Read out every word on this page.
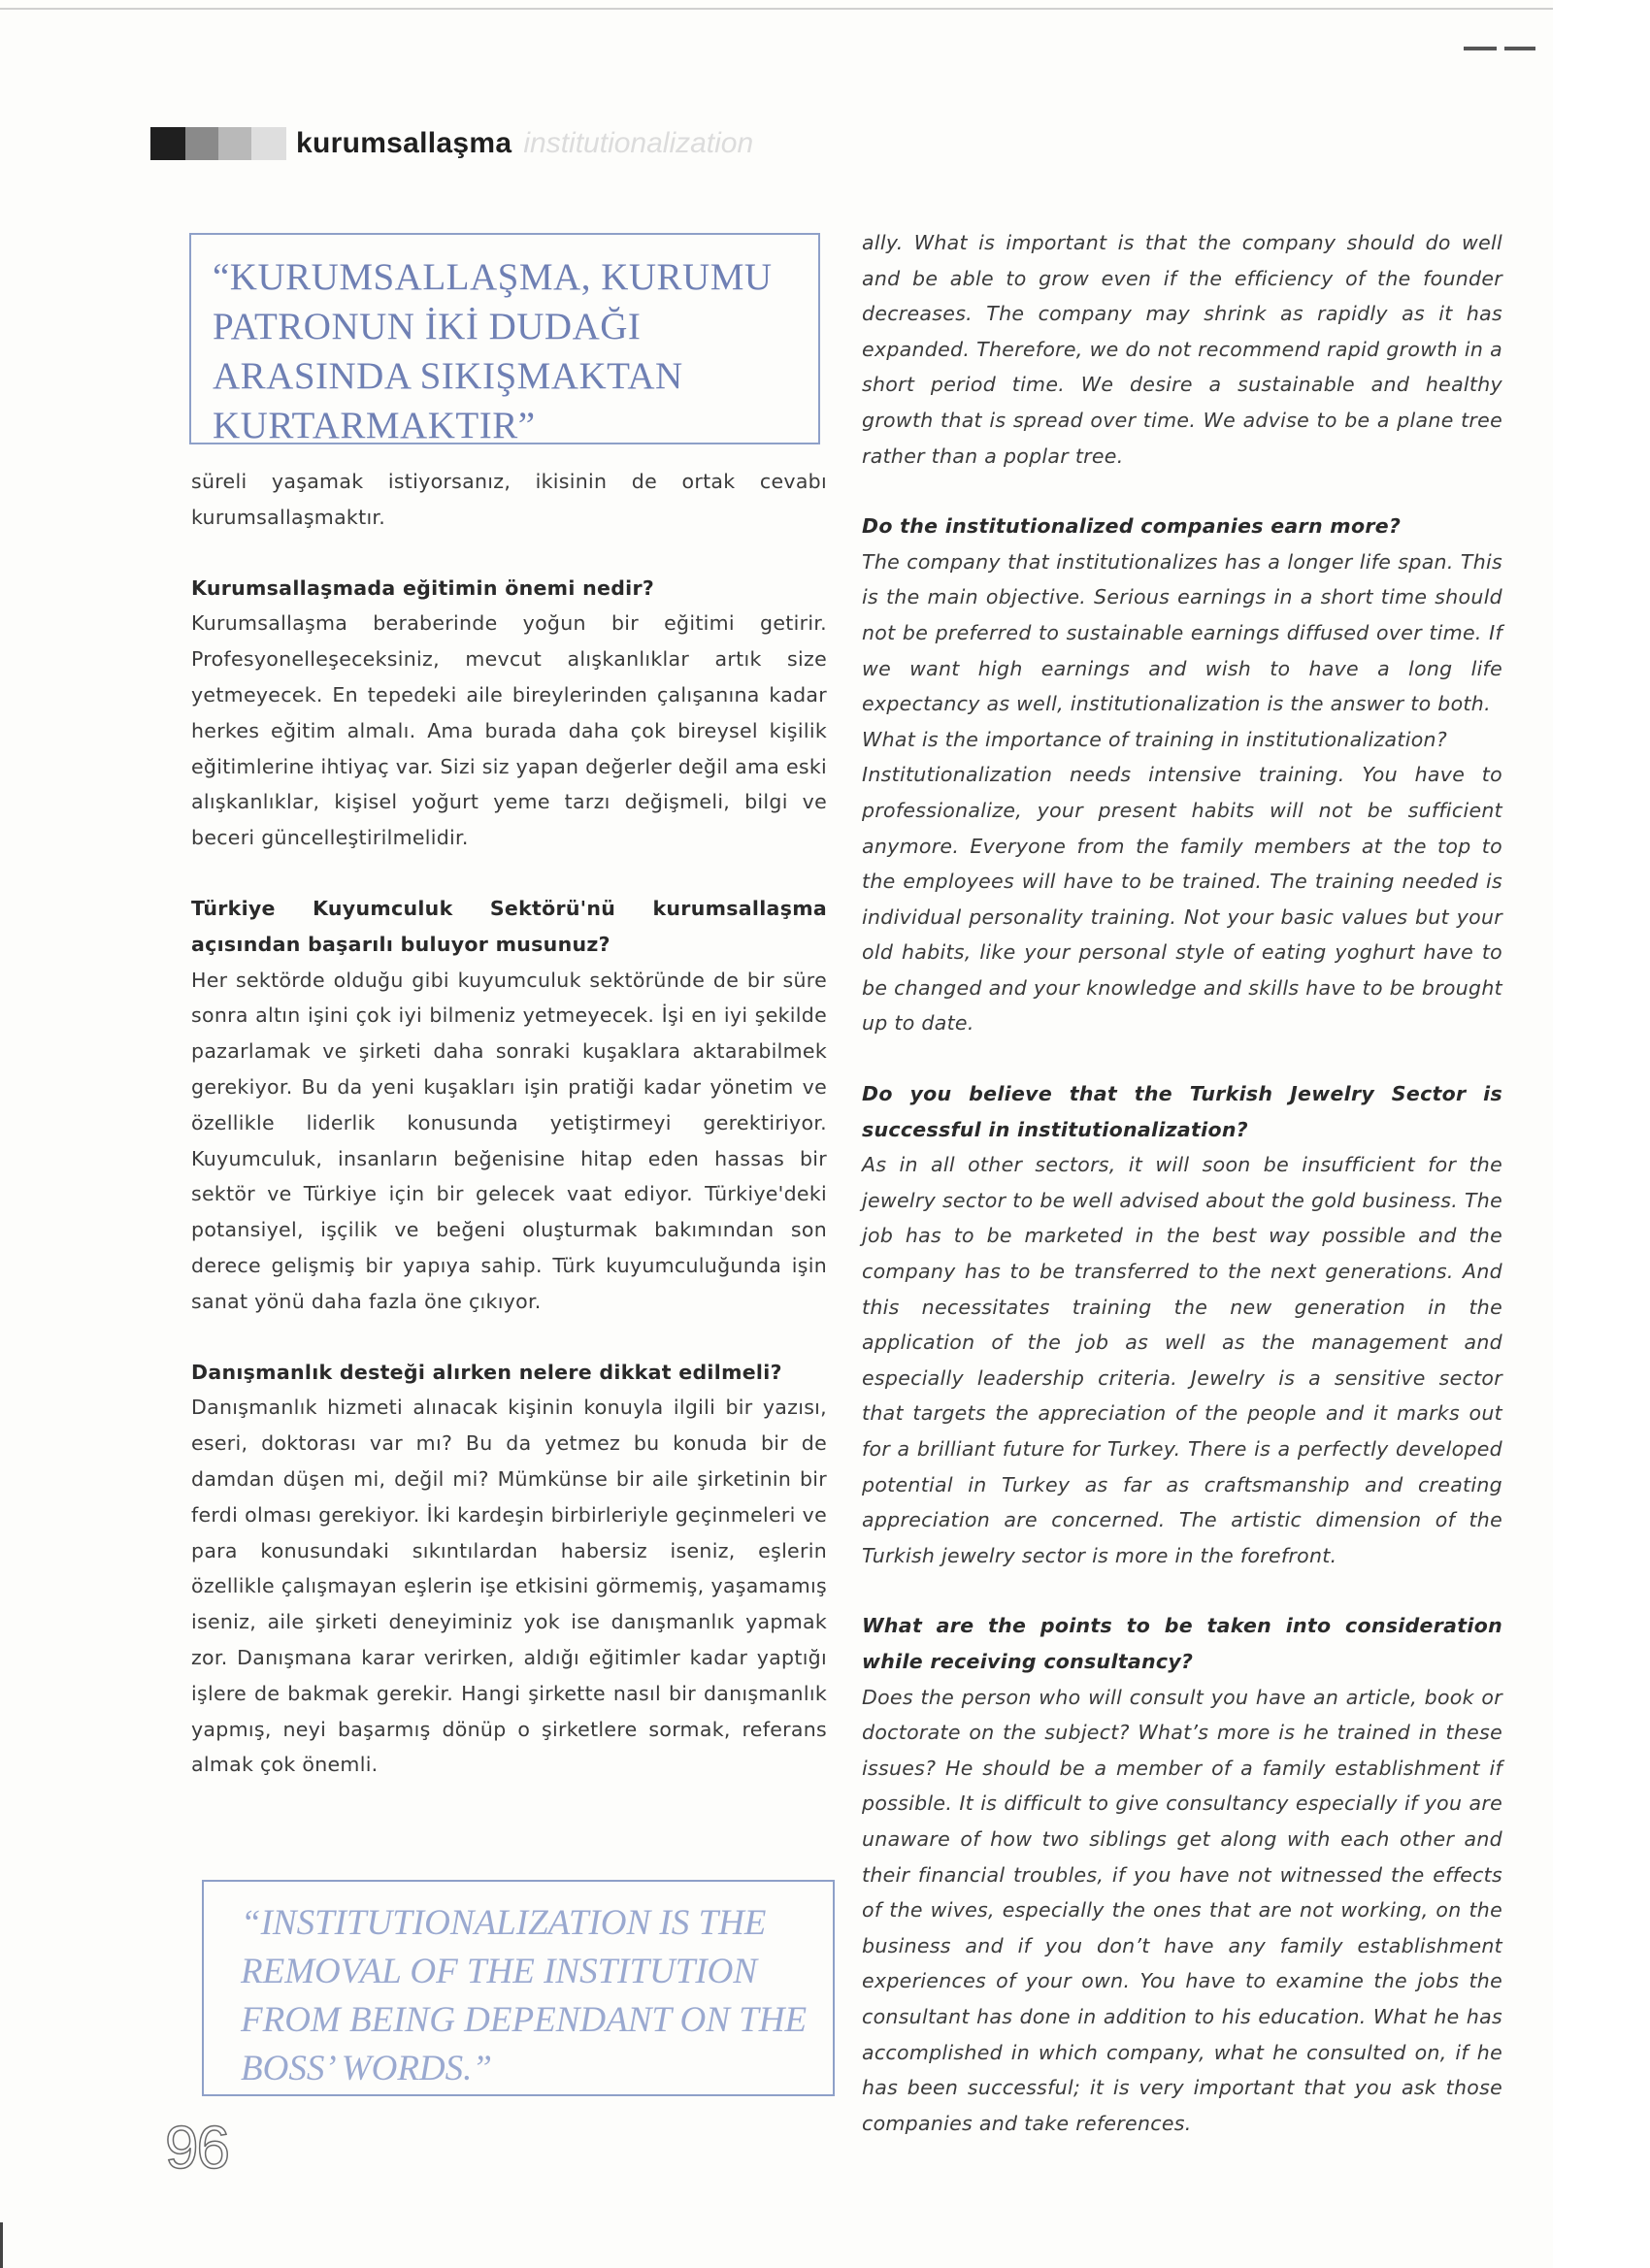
kurumsallaşma institutionalization
“KURUMSALLAŞMA, KURUMU PATRONUN İKİ DUDAĞI ARASINDA SIKIŞMAKTAN KURTARMAKTIR”

süreli yaşamak istiyorsanız, ikisinin de ortak cevabı kurumsallaşmaktır.

Kurumsallaşmada eğitimin önemi nedir?

Kurumsallaşma beraberinde yoğun bir eğitimi getirir. Profesyonelleşeceksiniz, mevcut alışkanlıklar artık size yetmeyecek. En tepedeki aile bireylerinden çalışanına kadar herkes eğitim almalı. Ama burada daha çok bireysel kişilik eğitimlerine ihtiyaç var. Sizi siz yapan değerler değil ama eski alışkanlıklar, kişisel yoğurt yeme tarzı değişmeli, bilgi ve beceri güncelleştirilmelidir.

Türkiye Kuyumculuk Sektörü'nü kurumsallaşma açısından başarılı buluyor musunuz?

Her sektörde olduğu gibi kuyumculuk sektöründe de bir süre sonra altın işini çok iyi bilmeniz yetmeyecek. İşi en iyi şekilde pazarlamak ve şirketi daha sonraki kuşaklara aktarabilmek gerekiyor. Bu da yeni kuşakları işin pratiği kadar yönetim ve özellikle liderlik konusunda yetiştirmeyi gerektiriyor. Kuyumculuk, insanların beğenisine hitap eden hassas bir sektör ve Türkiye için bir gelecek vaat ediyor. Türkiye'deki potansiyel, işçilik ve beğeni oluşturmak bakımından son derece gelişmiş bir yapıya sahip. Türk kuyumculuğunda işin sanat yönü daha fazla öne çıkıyor.

Danışmanlık desteği alırken nelere dikkat edilmeli?

Danışmanlık hizmeti alınacak kişinin konuyla ilgili bir yazısı, eseri, doktorası var mı? Bu da yetmez bu konuda bir de damdan düşen mi, değil mi? Mümkünse bir aile şirketinin bir ferdi olması gerekiyor. İki kardeşin birbirleriyle geçinmeleri ve para konusundaki sıkıntılardan habersiz iseniz, eşlerin özellikle çalışmayan eşlerin işe etkisini görmemiş, yaşamamış iseniz, aile şirketi deneyiminiz yok ise danışmanlık yapmak zor. Danışmana karar verirken, aldığı eğitimler kadar yaptığı işlere de bakmak gerekir. Hangi şirkette nasıl bir danışmanlık yapmış, neyi başarmış dönüp o şirketlere sormak, referans almak çok önemli.

“INSTITUTIONALIZATION IS THE REMOVAL OF THE INSTITUTION FROM BEING DEPENDANT ON THE BOSS’ WORDS.”

ally. What is important is that the company should do well and be able to grow even if the efficiency of the founder decreases. The company may shrink as rapidly as it has expanded. Therefore, we do not recommend rapid growth in a short period time. We desire a sustainable and healthy growth that is spread over time. We advise to be a plane tree rather than a poplar tree.

Do the institutionalized companies earn more?

The company that institutionalizes has a longer life span. This is the main objective. Serious earnings in a short time should not be preferred to sustainable earnings diffused over time. If we want high earnings and wish to have a long life expectancy as well, institutionalization is the answer to both.

What is the importance of training in institutionalization?

Institutionalization needs intensive training. You have to professionalize, your present habits will not be sufficient anymore. Everyone from the family members at the top to the employees will have to be trained. The training needed is individual personality training. Not your basic values but your old habits, like your personal style of eating yoghurt have to be changed and your knowledge and skills have to be brought up to date.

Do you believe that the Turkish Jewelry Sector is successful in institutionalization?

As in all other sectors, it will soon be insufficient for the jewelry sector to be well advised about the gold business. The job has to be marketed in the best way possible and the company has to be transferred to the next generations. And this necessitates training the new generation in the application of the job as well as the management and especially leadership criteria. Jewelry is a sensitive sector that targets the appreciation of the people and it marks out for a brilliant future for Turkey. There is a perfectly developed potential in Turkey as far as craftsmanship and creating appreciation are concerned. The artistic dimension of the Turkish jewelry sector is more in the forefront.

What are the points to be taken into consideration while receiving consultancy?

Does the person who will consult you have an article, book or doctorate on the subject? What’s more is he trained in these issues? He should be a member of a family establishment if possible. It is difficult to give consultancy especially if you are unaware of how two siblings get along with each other and their financial troubles, if you have not witnessed the effects of the wives, especially the ones that are not working, on the business and if you don’t have any family establishment experiences of your own. You have to examine the jobs the consultant has done in addition to his education. What he has accomplished in which company, what he consulted on, if he has been successful; it is very important that you ask those companies and take references.

96
